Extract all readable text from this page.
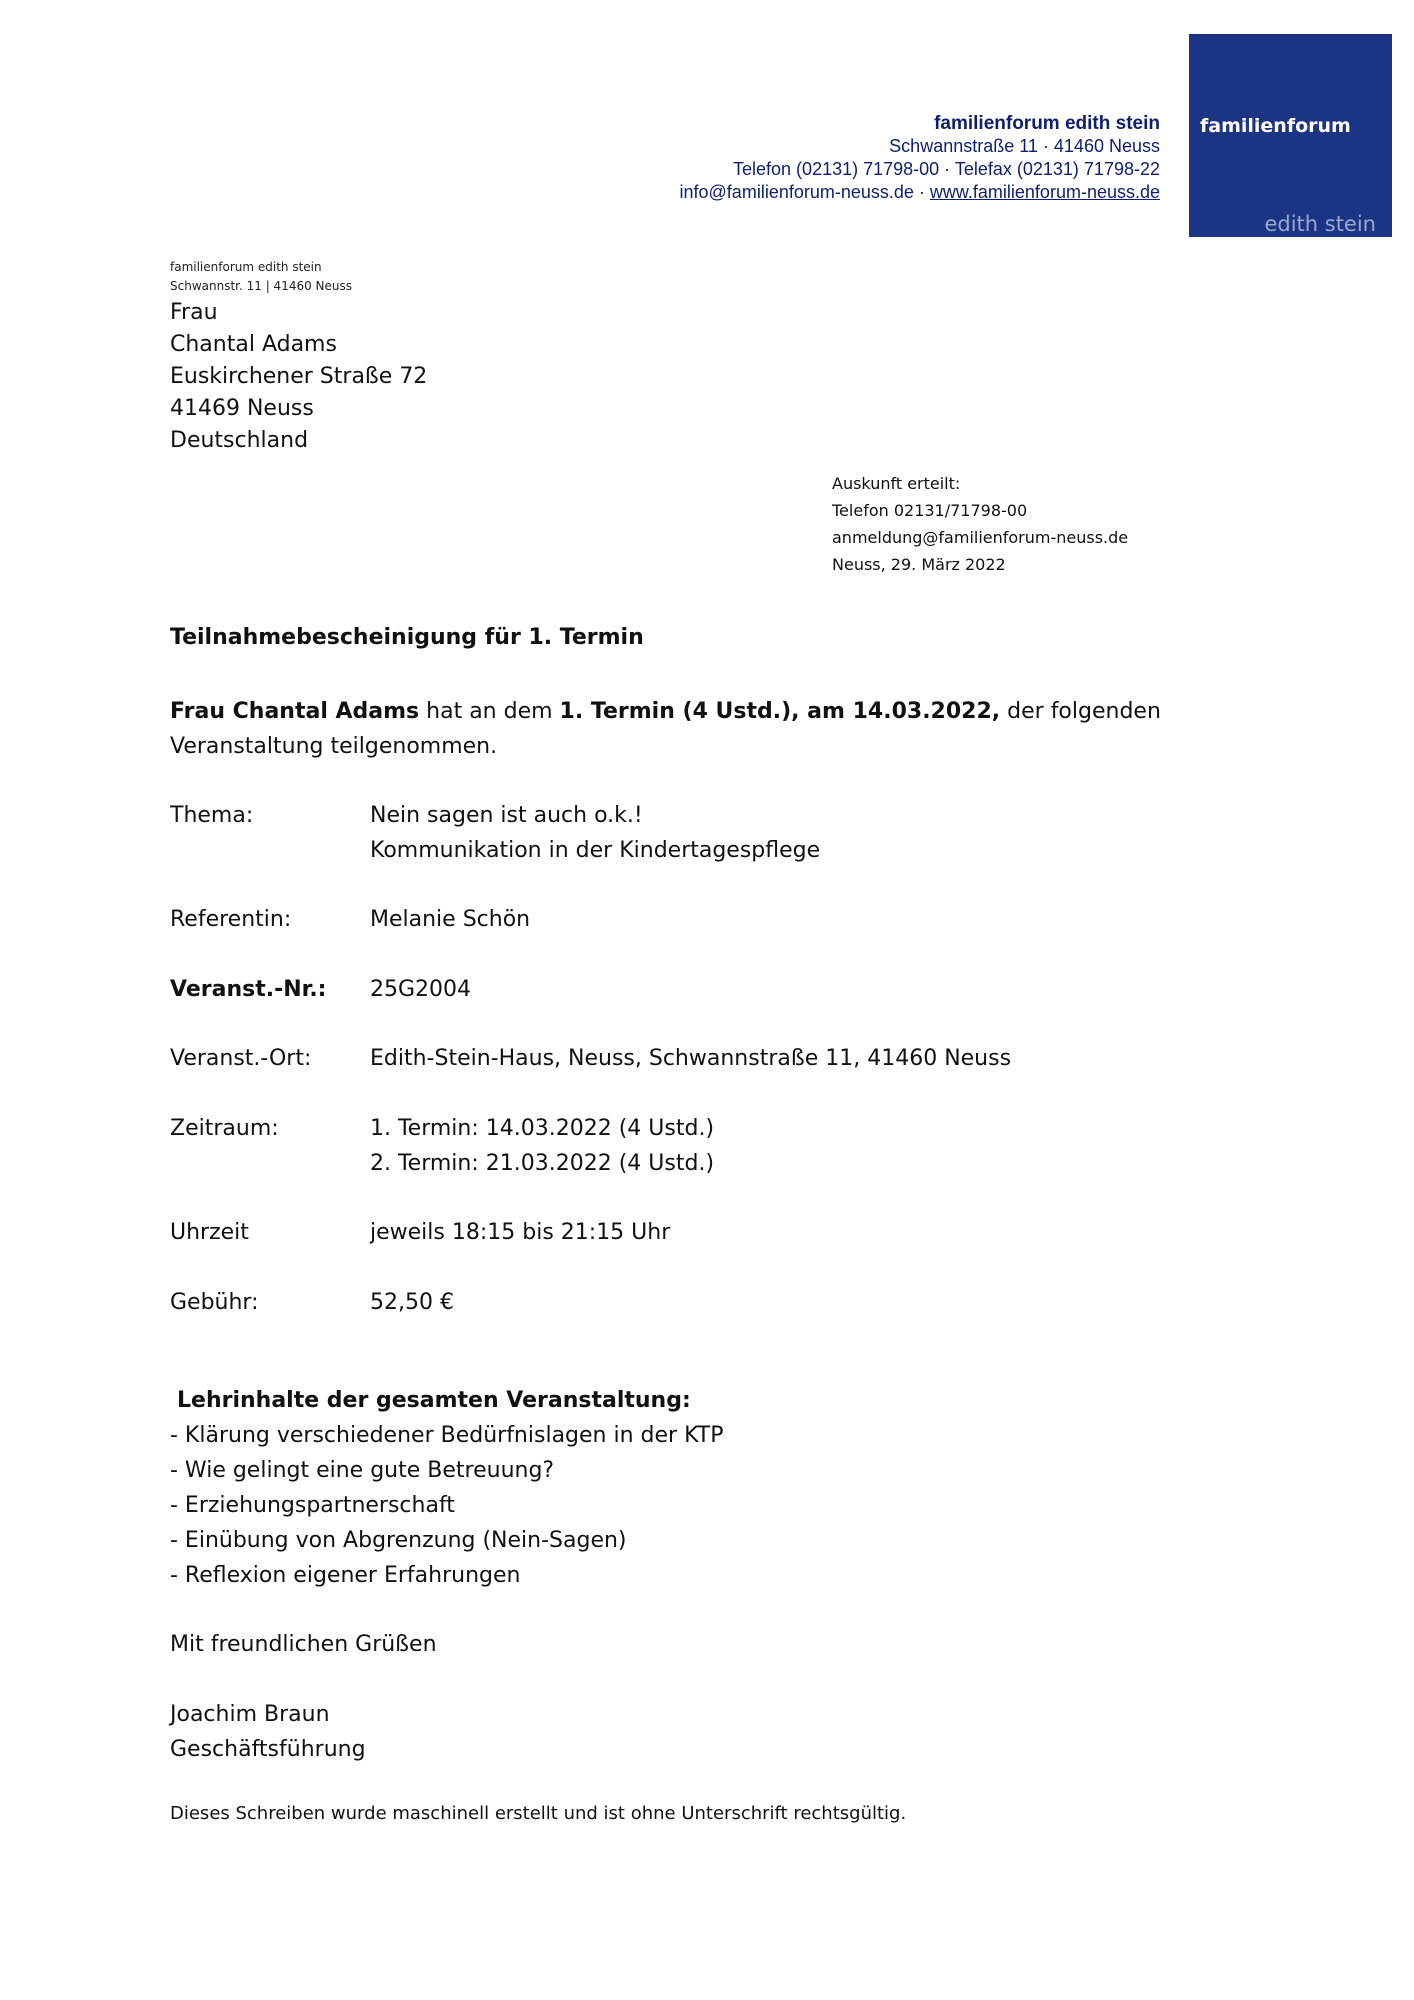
familienforum edith stein
Schwannstraße 11 · 41460 Neuss
Telefon (02131) 71798-00 · Telefax (02131) 71798-22
info@familienforum-neuss.de · www.familienforum-neuss.de
familienforum
edith stein
familienforum edith stein
Schwannstr. 11 | 41460 Neuss
Frau
Chantal Adams
Euskirchener Straße 72
41469 Neuss
Deutschland
Auskunft erteilt:
Telefon 02131/71798-00
anmeldung@familienforum-neuss.de
Neuss, 29. März 2022
Teilnahmebescheinigung für 1. Termin
Frau Chantal Adams hat an dem 1. Termin (4 Ustd.), am 14.03.2022, der folgenden Veranstaltung teilgenommen.
Thema:	Nein sagen ist auch o.k.!
Kommunikation in der Kindertagespflege
Referentin:	Melanie Schön
Veranst.-Nr.: 25G2004
Veranst.-Ort:	Edith-Stein-Haus, Neuss, Schwannstraße 11, 41460 Neuss
Zeitraum:	1. Termin: 14.03.2022 (4 Ustd.)
2. Termin: 21.03.2022 (4 Ustd.)
Uhrzeit	jeweils 18:15 bis 21:15 Uhr
Gebühr:	52,50 €
Lehrinhalte der gesamten Veranstaltung:
- Klärung verschiedener Bedürfnislagen in der KTP
- Wie gelingt eine gute Betreuung?
- Erziehungspartnerschaft
- Einübung von Abgrenzung (Nein-Sagen)
- Reflexion eigener Erfahrungen
Mit freundlichen Grüßen
Joachim Braun
Geschäftsführung
Dieses Schreiben wurde maschinell erstellt und ist ohne Unterschrift rechtsgültig.
